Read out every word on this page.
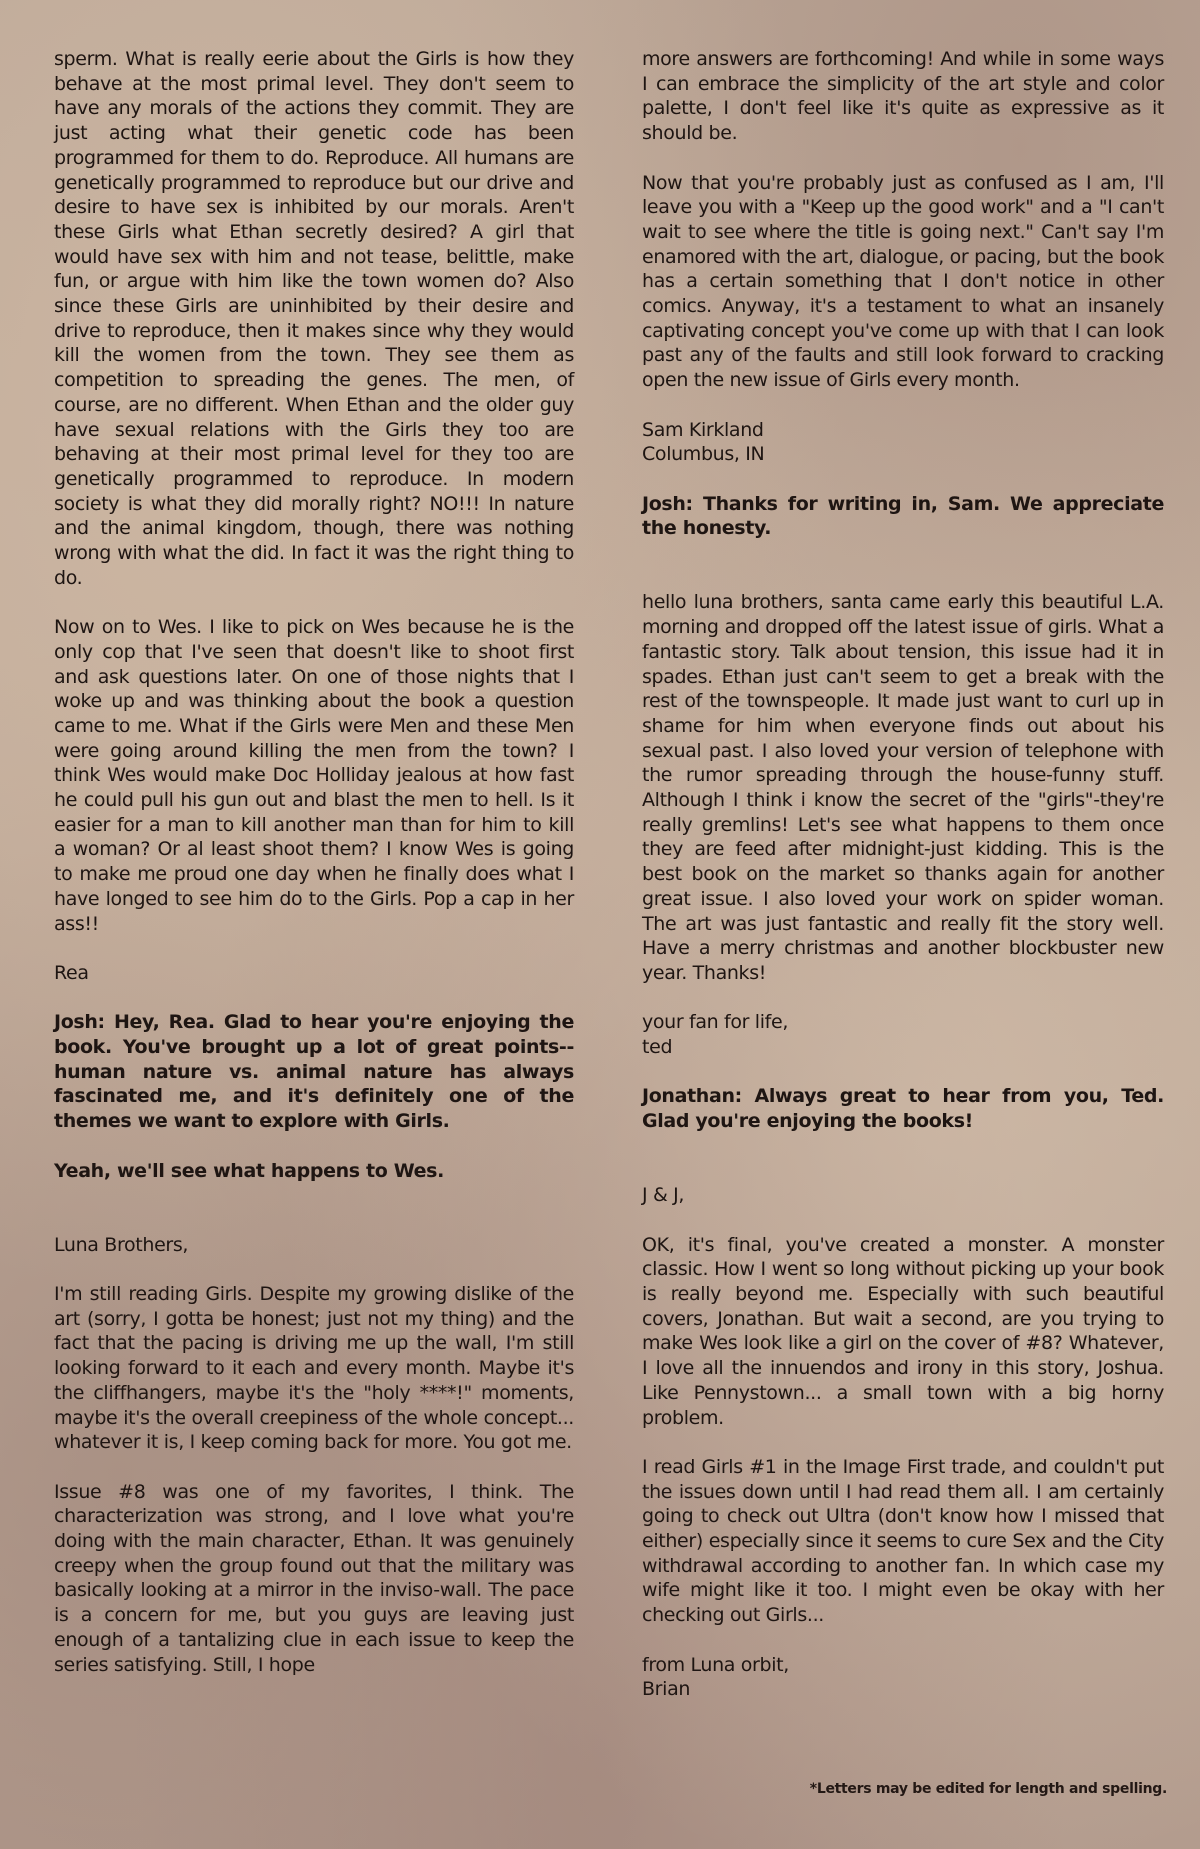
sperm. What is really eerie about the Girls is how they behave at the most primal level. They don't seem to have any morals of the actions they commit. They are just acting what their genetic code has been programmed for them to do. Reproduce. All humans are genetically programmed to reproduce but our drive and desire to have sex is inhibited by our morals. Aren't these Girls what Ethan secretly desired? A girl that would have sex with him and not tease, belittle, make fun, or argue with him like the town women do? Also since these Girls are uninhibited by their desire and drive to reproduce, then it makes since why they would kill the women from the town. They see them as competition to spreading the genes. The men, of course, are no different. When Ethan and the older guy have sexual relations with the Girls they too are behaving at their most primal level for they too are genetically programmed to reproduce. In modern society is what they did morally right? NO!!! In nature and the animal kingdom, though, there was nothing wrong with what the did. In fact it was the right thing to do.

Now on to Wes. I like to pick on Wes because he is the only cop that I've seen that doesn't like to shoot first and ask questions later. On one of those nights that I woke up and was thinking about the book a question came to me. What if the Girls were Men and these Men were going around killing the men from the town? I think Wes would make Doc Holliday jealous at how fast he could pull his gun out and blast the men to hell. Is it easier for a man to kill another man than for him to kill a woman? Or al least shoot them? I know Wes is going to make me proud one day when he finally does what I have longed to see him do to the Girls. Pop a cap in her ass!!

Rea

Josh: Hey, Rea. Glad to hear you're enjoying the book. You've brought up a lot of great points--human nature vs. animal nature has always fascinated me, and it's definitely one of the themes we want to explore with Girls.

Yeah, we'll see what happens to Wes.

Luna Brothers,

I'm still reading Girls. Despite my growing dislike of the art (sorry, I gotta be honest; just not my thing) and the fact that the pacing is driving me up the wall, I'm still looking forward to it each and every month. Maybe it's the cliffhangers, maybe it's the "holy ****!" moments, maybe it's the overall creepiness of the whole concept... whatever it is, I keep coming back for more. You got me.

Issue #8 was one of my favorites, I think. The characterization was strong, and I love what you're doing with the main character, Ethan. It was genuinely creepy when the group found out that the military was basically looking at a mirror in the inviso-wall. The pace is a concern for me, but you guys are leaving just enough of a tantalizing clue in each issue to keep the series satisfying. Still, I hope

more answers are forthcoming! And while in some ways I can embrace the simplicity of the art style and color palette, I don't feel like it's quite as expressive as it should be.

Now that you're probably just as confused as I am, I'll leave you with a "Keep up the good work" and a "I can't wait to see where the title is going next." Can't say I'm enamored with the art, dialogue, or pacing, but the book has a certain something that I don't notice in other comics. Anyway, it's a testament to what an insanely captivating concept you've come up with that I can look past any of the faults and still look forward to cracking open the new issue of Girls every month.

Sam Kirkland

Columbus, IN

Josh: Thanks for writing in, Sam. We appreciate the honesty.

hello luna brothers, santa came early this beautiful L.A. morning and dropped off the latest issue of girls. What a fantastic story. Talk about tension, this issue had it in spades. Ethan just can't seem to get a break with the rest of the townspeople. It made just want to curl up in shame for him when everyone finds out about his sexual past. I also loved your version of telephone with the rumor spreading through the house-funny stuff. Although I think i know the secret of the "girls"-they're really gremlins! Let's see what happens to them once they are feed after midnight-just kidding. This is the best book on the market so thanks again for another great issue. I also loved your work on spider woman. The art was just fantastic and really fit the story well. Have a merry christmas and another blockbuster new year. Thanks!

your fan for life,

ted

Jonathan: Always great to hear from you, Ted. Glad you're enjoying the books!

J & J,

OK, it's final, you've created a monster. A monster classic. How I went so long without picking up your book is really beyond me. Especially with such beautiful covers, Jonathan. But wait a second, are you trying to make Wes look like a girl on the cover of #8? Whatever, I love all the innuendos and irony in this story, Joshua. Like Pennystown... a small town with a big horny problem.

I read Girls #1 in the Image First trade, and couldn't put the issues down until I had read them all. I am certainly going to check out Ultra (don't know how I missed that either) especially since it seems to cure Sex and the City withdrawal according to another fan. In which case my wife might like it too. I might even be okay with her checking out Girls...

from Luna orbit,

Brian

*Letters may be edited for length and spelling.
